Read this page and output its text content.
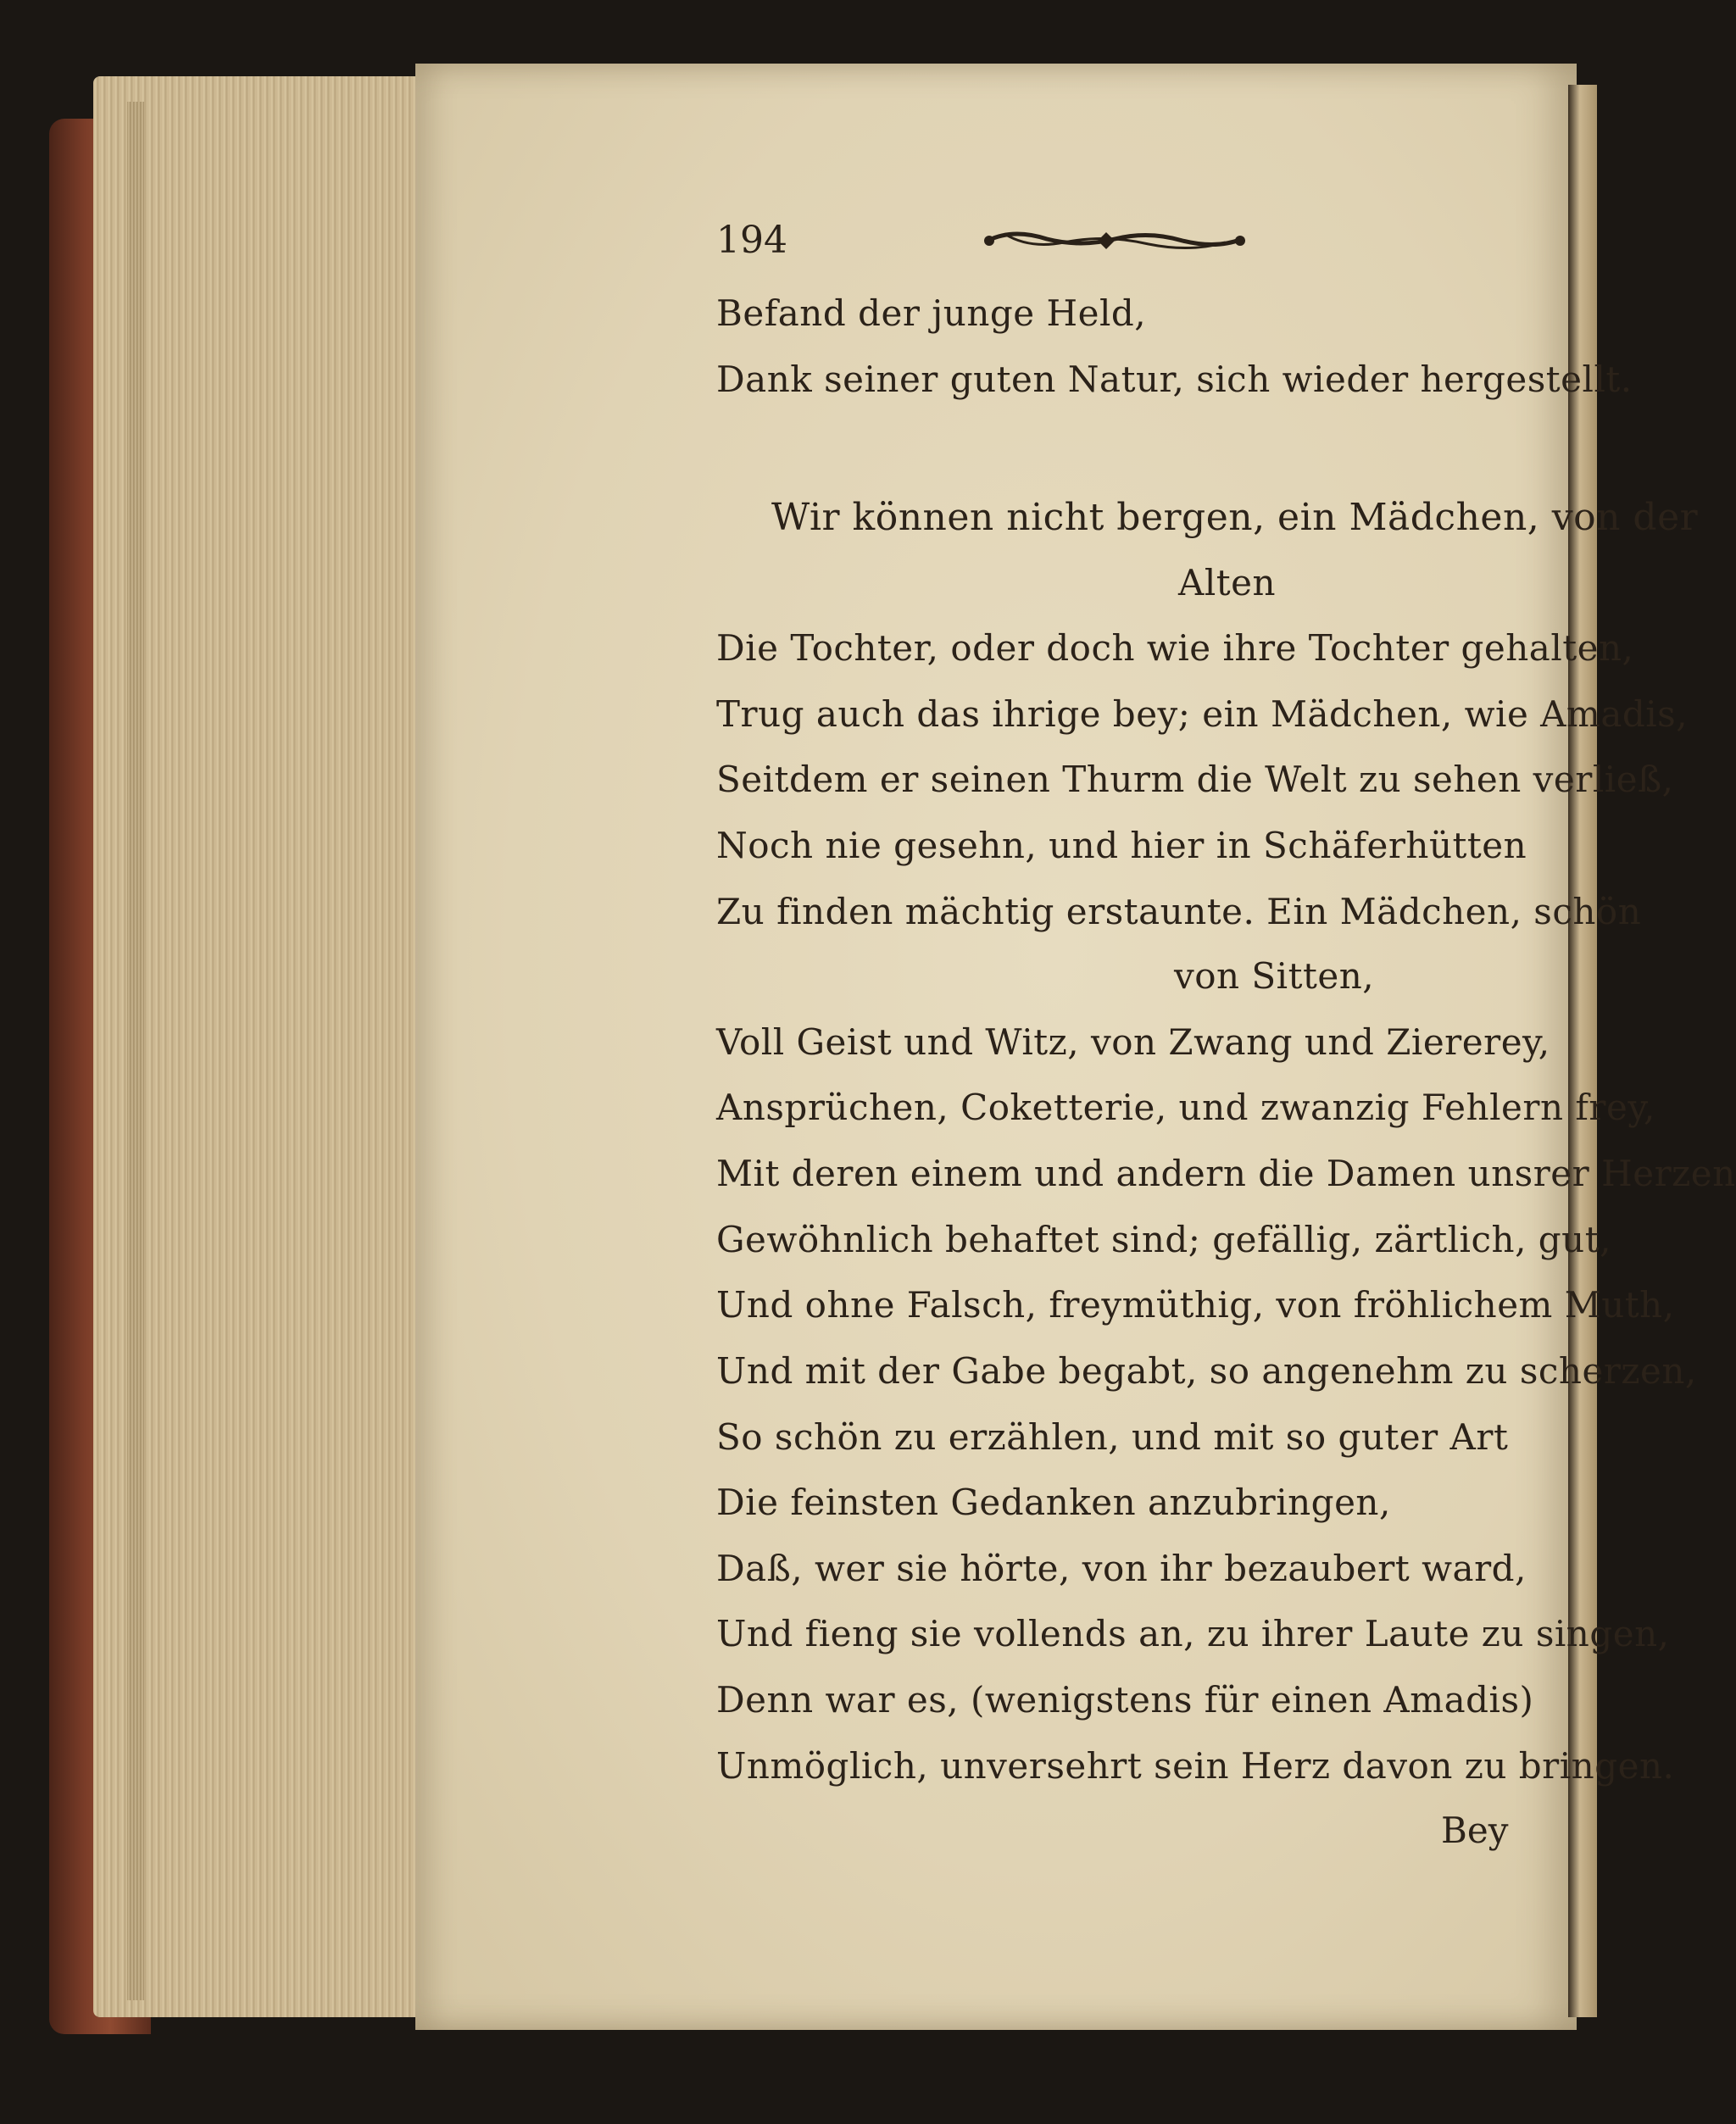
194
Befand der junge Held,
Dank seiner guten Natur, sich wieder hergestellt.
Wir können nicht bergen, ein Mädchen, von der
Alten
Die Tochter, oder doch wie ihre Tochter gehalten,
Trug auch das ihrige bey; ein Mädchen, wie Amadis,
Seitdem er seinen Thurm die Welt zu sehen verließ,
Noch nie gesehn, und hier in Schäferhütten
Zu finden mächtig erstaunte. Ein Mädchen, schön
von Sitten,
Voll Geist und Witz, von Zwang und Ziererey,
Ansprüchen, Coketterie, und zwanzig Fehlern frey,
Mit deren einem und andern die Damen unsrer Herzen
Gewöhnlich behaftet sind; gefällig, zärtlich, gut,
Und ohne Falsch, freymüthig, von fröhlichem Muth,
Und mit der Gabe begabt, so angenehm zu scherzen,
So schön zu erzählen, und mit so guter Art
Die feinsten Gedanken anzubringen,
Daß, wer sie hörte, von ihr bezaubert ward,
Und fieng sie vollends an, zu ihrer Laute zu singen,
Denn war es, (wenigstens für einen Amadis)
Unmöglich, unversehrt sein Herz davon zu bringen.
Bey
